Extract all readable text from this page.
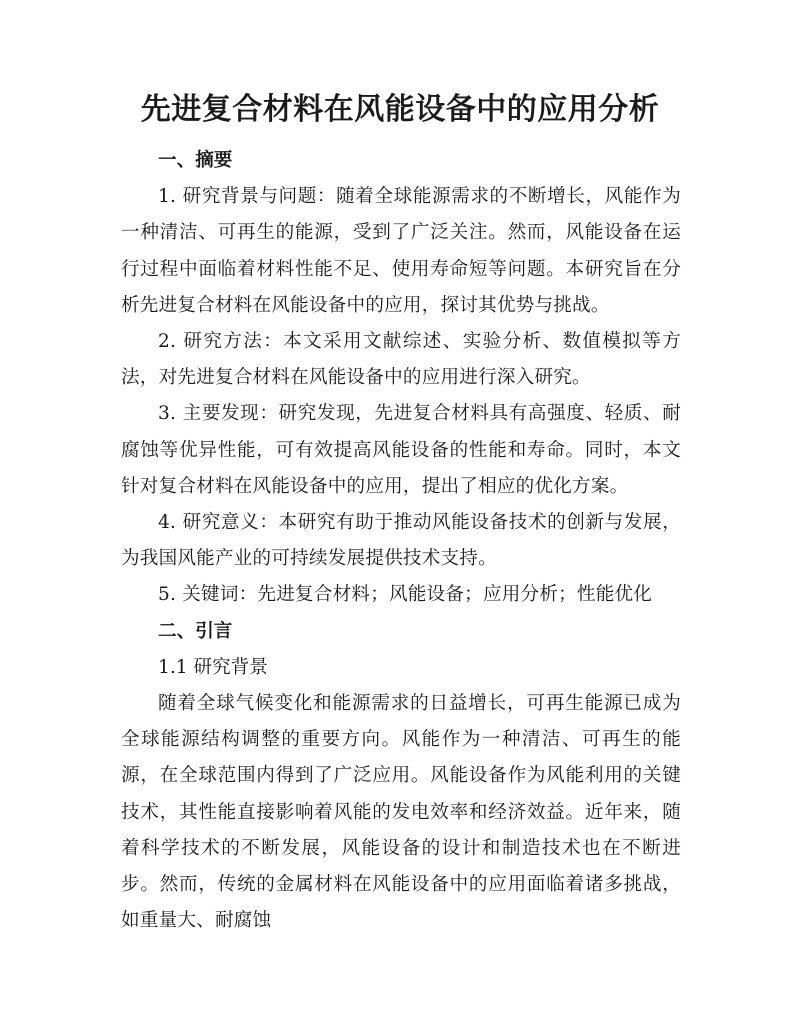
先进复合材料在风能设备中的应用分析
一、摘要

1. 研究背景与问题：随着全球能源需求的不断增长，风能作为一种清洁、可再生的能源，受到了广泛关注。然而，风能设备在运行过程中面临着材料性能不足、使用寿命短等问题。本研究旨在分析先进复合材料在风能设备中的应用，探讨其优势与挑战。

2. 研究方法：本文采用文献综述、实验分析、数值模拟等方法，对先进复合材料在风能设备中的应用进行深入研究。

3. 主要发现：研究发现，先进复合材料具有高强度、轻质、耐腐蚀等优异性能，可有效提高风能设备的性能和寿命。同时，本文针对复合材料在风能设备中的应用，提出了相应的优化方案。

4. 研究意义：本研究有助于推动风能设备技术的创新与发展，为我国风能产业的可持续发展提供技术支持。

5. 关键词：先进复合材料；风能设备；应用分析；性能优化

二、引言

1.1 研究背景

随着全球气候变化和能源需求的日益增长，可再生能源已成为全球能源结构调整的重要方向。风能作为一种清洁、可再生的能源，在全球范围内得到了广泛应用。风能设备作为风能利用的关键技术，其性能直接影响着风能的发电效率和经济效益。近年来，随着科学技术的不断发展，风能设备的设计和制造技术也在不断进步。然而，传统的金属材料在风能设备中的应用面临着诸多挑战，如重量大、耐腐蚀
